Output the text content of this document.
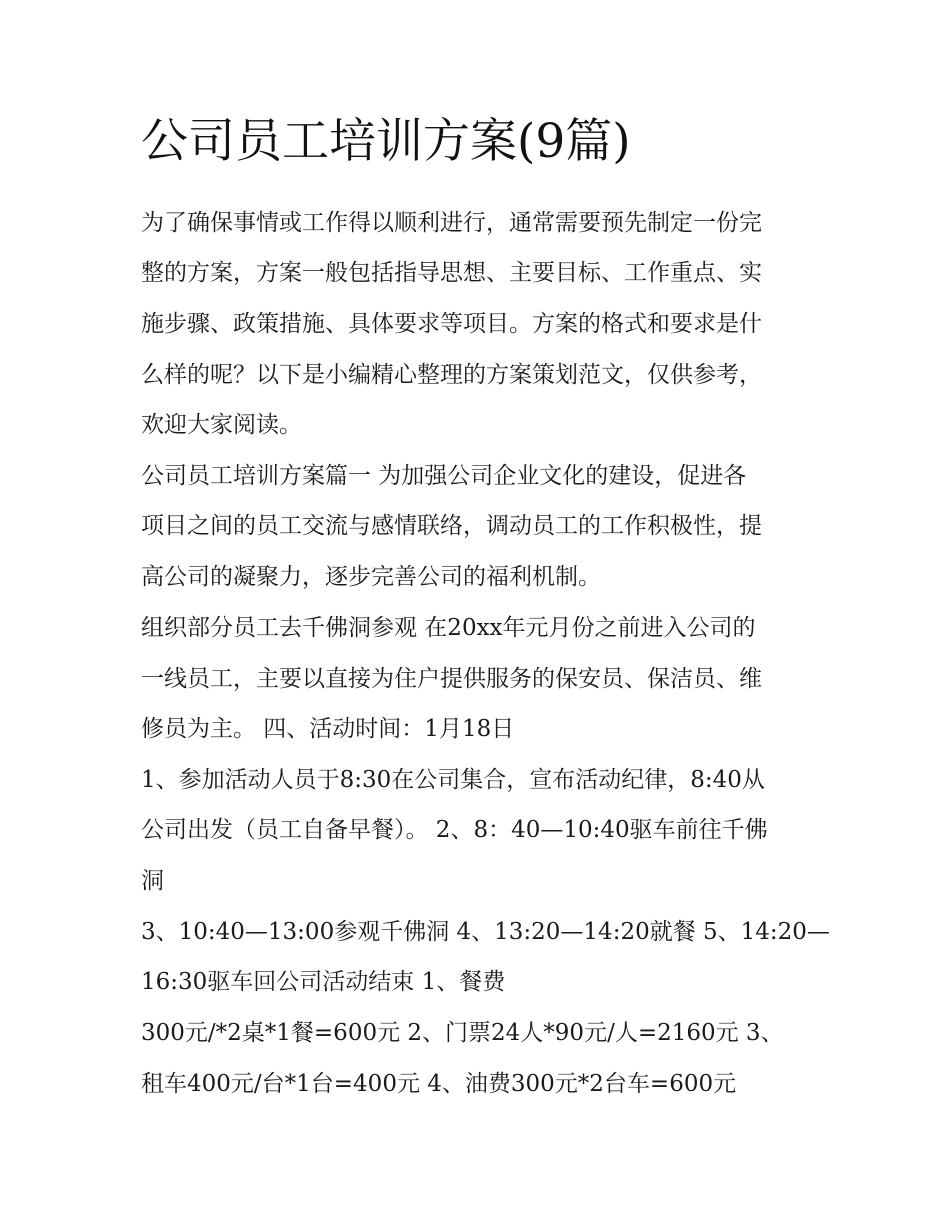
公司员工培训方案(9篇)

为了确保事情或工作得以顺利进行，通常需要预先制定一份完

整的方案，方案一般包括指导思想、主要目标、工作重点、实

施步骤、政策措施、具体要求等项目。方案的格式和要求是什

么样的呢？以下是小编精心整理的方案策划范文，仅供参考，

欢迎大家阅读。

公司员工培训方案篇一 为加强公司企业文化的建设，促进各

项目之间的员工交流与感情联络，调动员工的工作积极性，提

高公司的凝聚力，逐步完善公司的福利机制。

组织部分员工去千佛洞参观 在20xx年元月份之前进入公司的

一线员工，主要以直接为住户提供服务的保安员、保洁员、维

修员为主。 四、活动时间：1月18日

1、参加活动人员于8:30在公司集合，宣布活动纪律，8:40从

公司出发（员工自备早餐）。 2、8：40—10:40驱车前往千佛

洞

3、10:40—13:00参观千佛洞 4、13:20—14:20就餐 5、14:20—

16:30驱车回公司活动结束 1、餐费

300元/*2桌*1餐=600元 2、门票24人*90元/人=2160元 3、

租车400元/台*1台=400元 4、油费300元*2台车=600元
